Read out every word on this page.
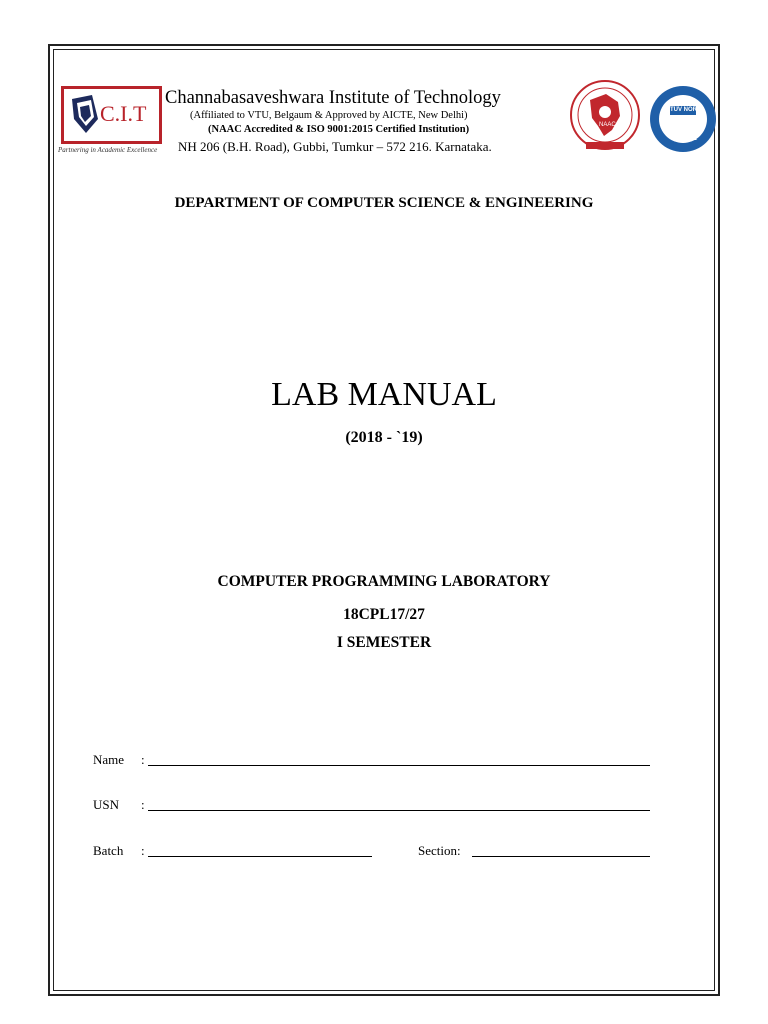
C.I.T
Partnering in Academic Excellence
Channabasaveshwara Institute of Technology
(Affiliated to VTU, Belgaum & Approved by AICTE, New Delhi)
(NAAC Accredited & ISO 9001:2015 Certified Institution)
NH 206 (B.H. Road), Gubbi, Tumkur – 572 216. Karnataka.
NAAC
TÜV NORD
ISO 9001
DEPARTMENT OF COMPUTER SCIENCE & ENGINEERING
LAB MANUAL
(2018 - `19)
COMPUTER PROGRAMMING LABORATORY
18CPL17/27
I SEMESTER
Name :
USN :
Batch :	Section:
